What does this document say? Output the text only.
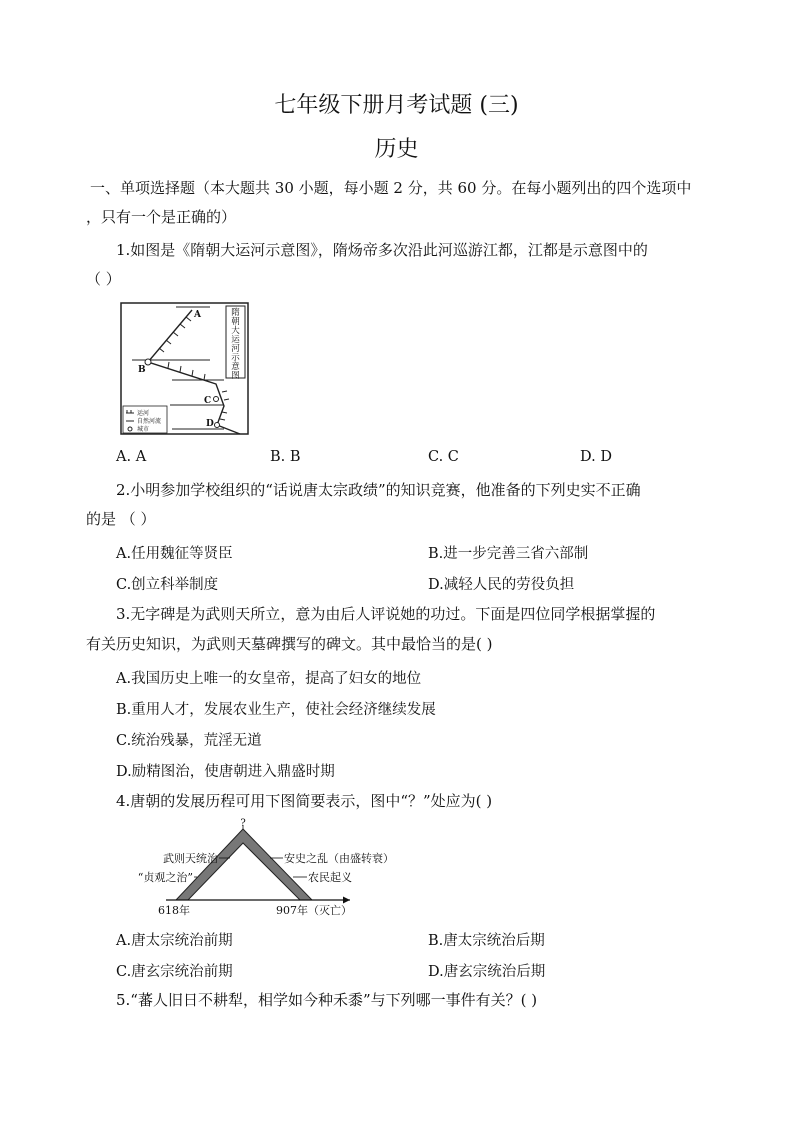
七年级下册月考试题 (三)
历史
一、单项选择题（本大题共 30 小题，每小题 2 分，共 60 分。在每小题列出的四个选项中
，只有一个是正确的）
1.如图是《隋朝大运河示意图》，隋炀帝多次沿此河巡游江都，江都是示意图中的
（ ）
隋
朝
大
运
河
示
意
图
A
B
C
D
运河
自然河流
城市
A. A	B. B	C. C	D. D
2.小明参加学校组织的“话说唐太宗政绩”的知识竞赛，他准备的下列史实不正确
的是 （ ）
A.任用魏征等贤臣	B.进一步完善三省六部制
C.创立科举制度	D.减轻人民的劳役负担
3.无字碑是为武则天所立，意为由后人评说她的功过。下面是四位同学根据掌握的
有关历史知识，为武则天墓碑撰写的碑文。其中最恰当的是( )
A.我国历史上唯一的女皇帝，提高了妇女的地位
B.重用人才，发展农业生产，使社会经济继续发展
C.统治残暴，荒淫无道
D.励精图治，使唐朝进入鼎盛时期
4.唐朝的发展历程可用下图简要表示，图中“？”处应为( )
?
武则天统治
“贞观之治”
安史之乱（由盛转衰）
农民起义
618年	907年（灭亡）
A.唐太宗统治前期	B.唐太宗统治后期
C.唐玄宗统治前期	D.唐玄宗统治后期
5.“蕃人旧日不耕犁，相学如今种禾黍”与下列哪一事件有关？( )
